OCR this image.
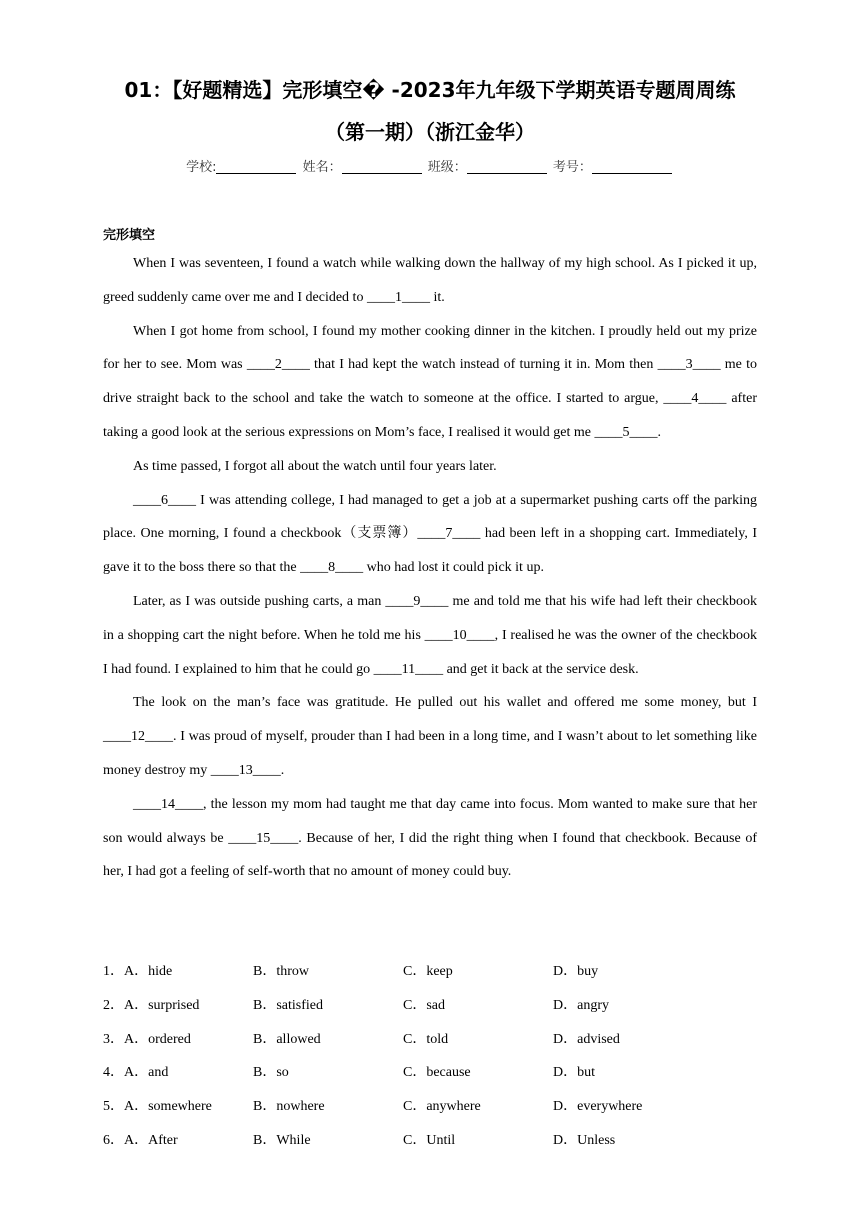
01：【好题精选】完形填空� -2023年九年级下学期英语专题周周练
（第一期）（浙江金华）
学校:	姓名：	班级：	考号：
完形填空

When I was seventeen, I found a watch while walking down the hallway of my high school. As I picked it up, greed suddenly came over me and I decided to ____1____ it.

When I got home from school, I found my mother cooking dinner in the kitchen. I proudly held out my prize for her to see. Mom was ____2____ that I had kept the watch instead of turning it in. Mom then ____3____ me to drive straight back to the school and take the watch to someone at the office. I started to argue, ____4____ after taking a good look at the serious expressions on Mom’s face, I realised it would get me ____5____.

As time passed, I forgot all about the watch until four years later.

____6____ I was attending college, I had managed to get a job at a supermarket pushing carts off the parking place. One morning, I found a checkbook（支票簿）____7____ had been left in a shopping cart. Immediately, I gave it to the boss there so that the ____8____ who had lost it could pick it up.

Later, as I was outside pushing carts, a man ____9____ me and told me that his wife had left their checkbook in a shopping cart the night before. When he told me his ____10____, I realised he was the owner of the checkbook I had found. I explained to him that he could go ____11____ and get it back at the service desk.

The look on the man’s face was gratitude. He pulled out his wallet and offered me some money, but I ____12____. I was proud of myself, prouder than I had been in a long time, and I wasn’t about to let something like money destroy my ____13____.

____14____, the lesson my mom had taught me that day came into focus. Mom wanted to make sure that her son would always be ____15____. Because of her, I did the right thing when I found that checkbook. Because of her, I had got a feeling of self-worth that no amount of money could buy.

1．A．hide	B．throw	C．keep	D．buy
2．A．surprised	B．satisfied	C．sad	D．angry
3．A．ordered	B．allowed	C．told	D．advised
4．A．and	B．so	C．because	D．but
5．A．somewhere	B．nowhere	C．anywhere	D．everywhere
6．A．After	B．While	C．Until	D．Unless
